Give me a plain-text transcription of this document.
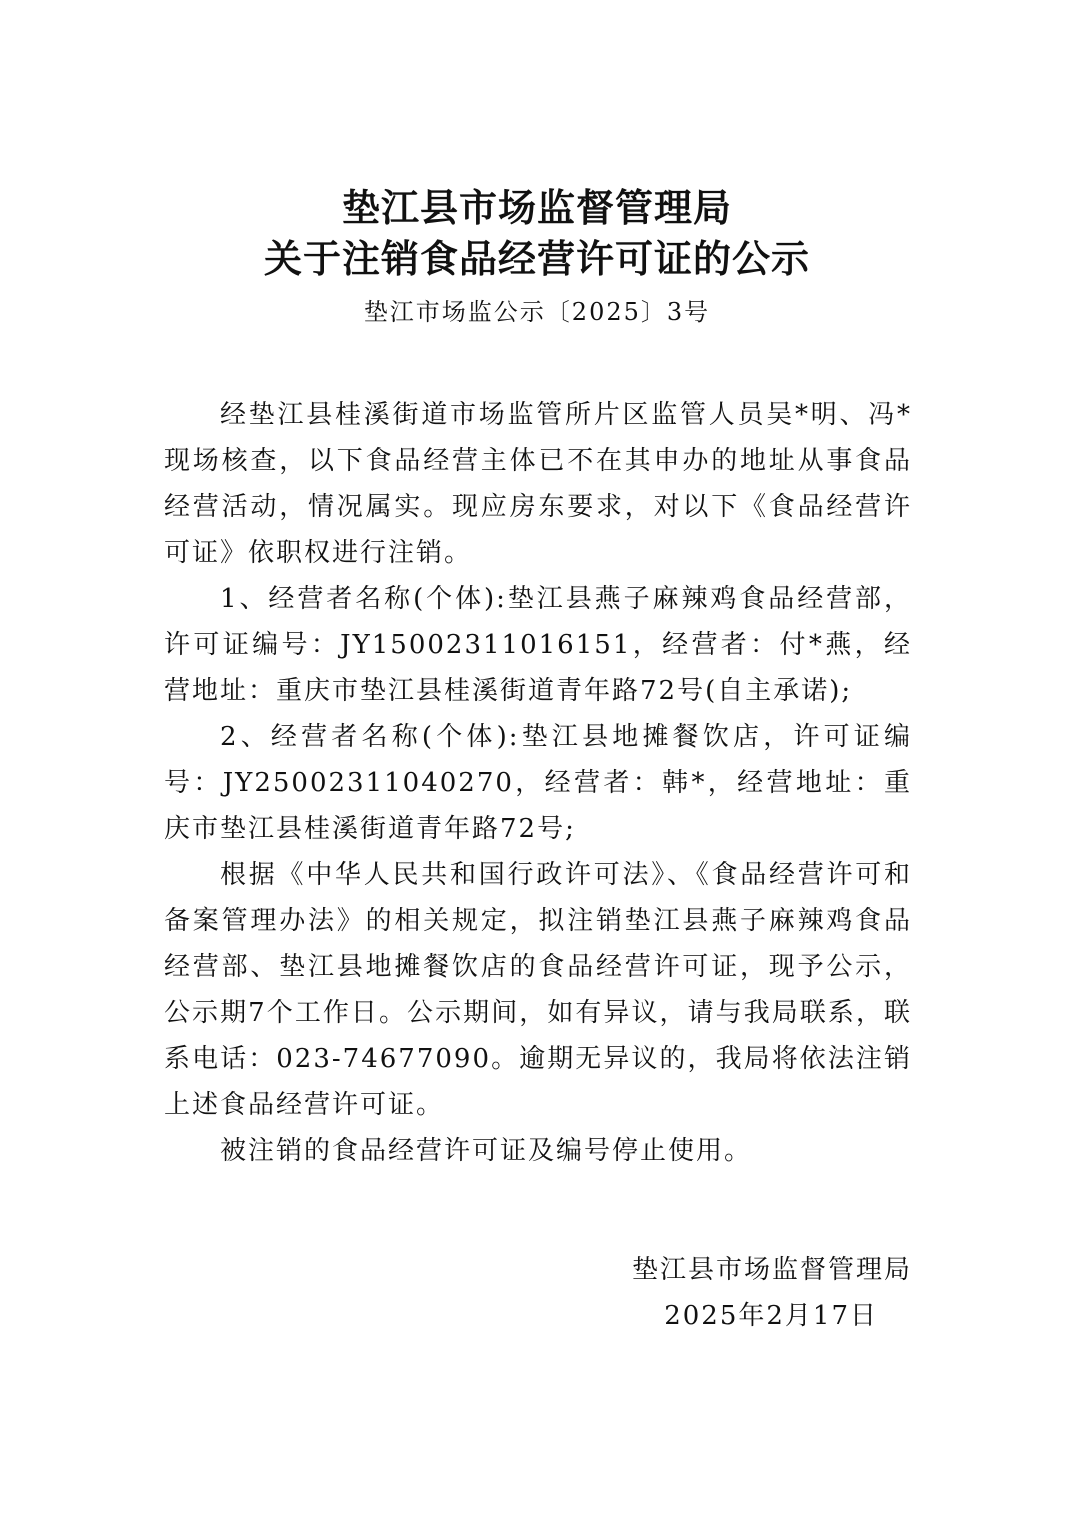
垫江县市场监督管理局
关于注销食品经营许可证的公示
垫江市场监公示〔2025〕3号

经垫江县桂溪街道市场监管所片区监管人员吴*明、冯*现场核查，以下食品经营主体已不在其申办的地址从事食品经营活动，情况属实。现应房东要求，对以下《食品经营许可证》依职权进行注销。

1、经营者名称(个体):垫江县燕子麻辣鸡食品经营部，许可证编号：JY15002311016151，经营者：付*燕，经营地址：重庆市垫江县桂溪街道青年路72号(自主承诺);

2、经营者名称(个体):垫江县地摊餐饮店，许可证编号：JY25002311040270，经营者：韩*，经营地址：重庆市垫江县桂溪街道青年路72号;

根据《中华人民共和国行政许可法》、《食品经营许可和备案管理办法》的相关规定，拟注销垫江县燕子麻辣鸡食品经营部、垫江县地摊餐饮店的食品经营许可证，现予公示，公示期7个工作日。公示期间，如有异议，请与我局联系，联系电话：023-74677090。逾期无异议的，我局将依法注销上述食品经营许可证。

被注销的食品经营许可证及编号停止使用。

垫江县市场监督管理局
2025年2月17日
